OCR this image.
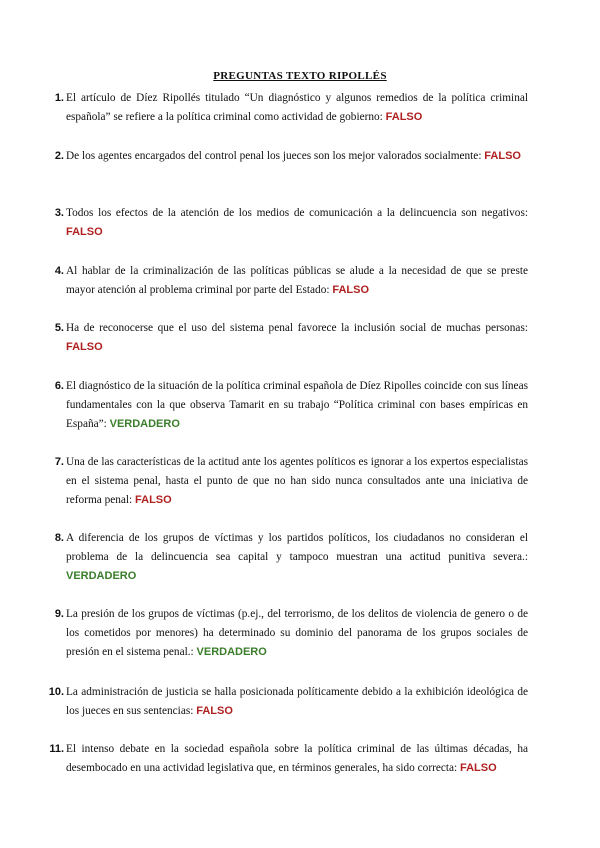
PREGUNTAS TEXTO RIPOLLÉS
1. El artículo de Díez Ripollés titulado “Un diagnóstico y algunos remedios de la política criminal española” se refiere a la política criminal como actividad de gobierno: FALSO
2. De los agentes encargados del control penal los jueces son los mejor valorados socialmente: FALSO
3. Todos los efectos de la atención de los medios de comunicación a la delincuencia son negativos: FALSO
4. Al hablar de la criminalización de las políticas públicas se alude a la necesidad de que se preste mayor atención al problema criminal por parte del Estado: FALSO
5. Ha de reconocerse que el uso del sistema penal favorece la inclusión social de muchas personas: FALSO
6. El diagnóstico de la situación de la política criminal española de Díez Ripolles coincide con sus líneas fundamentales con la que observa Tamarit en su trabajo “Política criminal con bases empíricas en España”: VERDADERO
7. Una de las características de la actitud ante los agentes políticos es ignorar a los expertos especialistas en el sistema penal, hasta el punto de que no han sido nunca consultados ante una iniciativa de reforma penal: FALSO
8. A diferencia de los grupos de víctimas y los partidos políticos, los ciudadanos no consideran el problema de la delincuencia sea capital y tampoco muestran una actitud punitiva severa.: VERDADERO
9. La presión de los grupos de víctimas (p.ej., del terrorismo, de los delitos de violencia de genero o de los cometidos por menores) ha determinado su dominio del panorama de los grupos sociales de presión en el sistema penal.: VERDADERO
10. La administración de justicia se halla posicionada políticamente debido a la exhibición ideológica de los jueces en sus sentencias: FALSO
11. El intenso debate en la sociedad española sobre la política criminal de las últimas décadas, ha desembocado en una actividad legislativa que, en términos generales, ha sido correcta: FALSO
